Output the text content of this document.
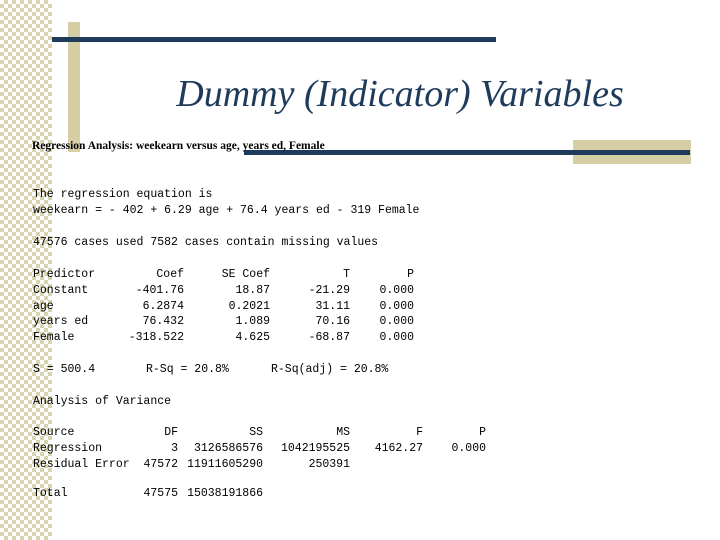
Dummy (Indicator) Variables
Regression Analysis: weekearn versus age, years ed, Female
The regression equation is
weekearn = - 402 + 6.29 age + 76.4 years ed - 319 Female
47576 cases used 7582 cases contain missing values
Predictor	Coef	SE Coef	T	P
Constant	-401.76	18.87	-21.29	0.000
age	6.2874	0.2021	31.11	0.000
years ed	76.432	1.089	70.16	0.000
Female	-318.522	4.625	-68.87	0.000
S = 500.4	R-Sq = 20.8%	R-Sq(adj) = 20.8%
Analysis of Variance
Source	DF	SS	MS	F	P
Regression	3	3126586576	1042195525	4162.27	0.000
Residual Error	47572 11911605290	250391
Total	47575 15038191866
